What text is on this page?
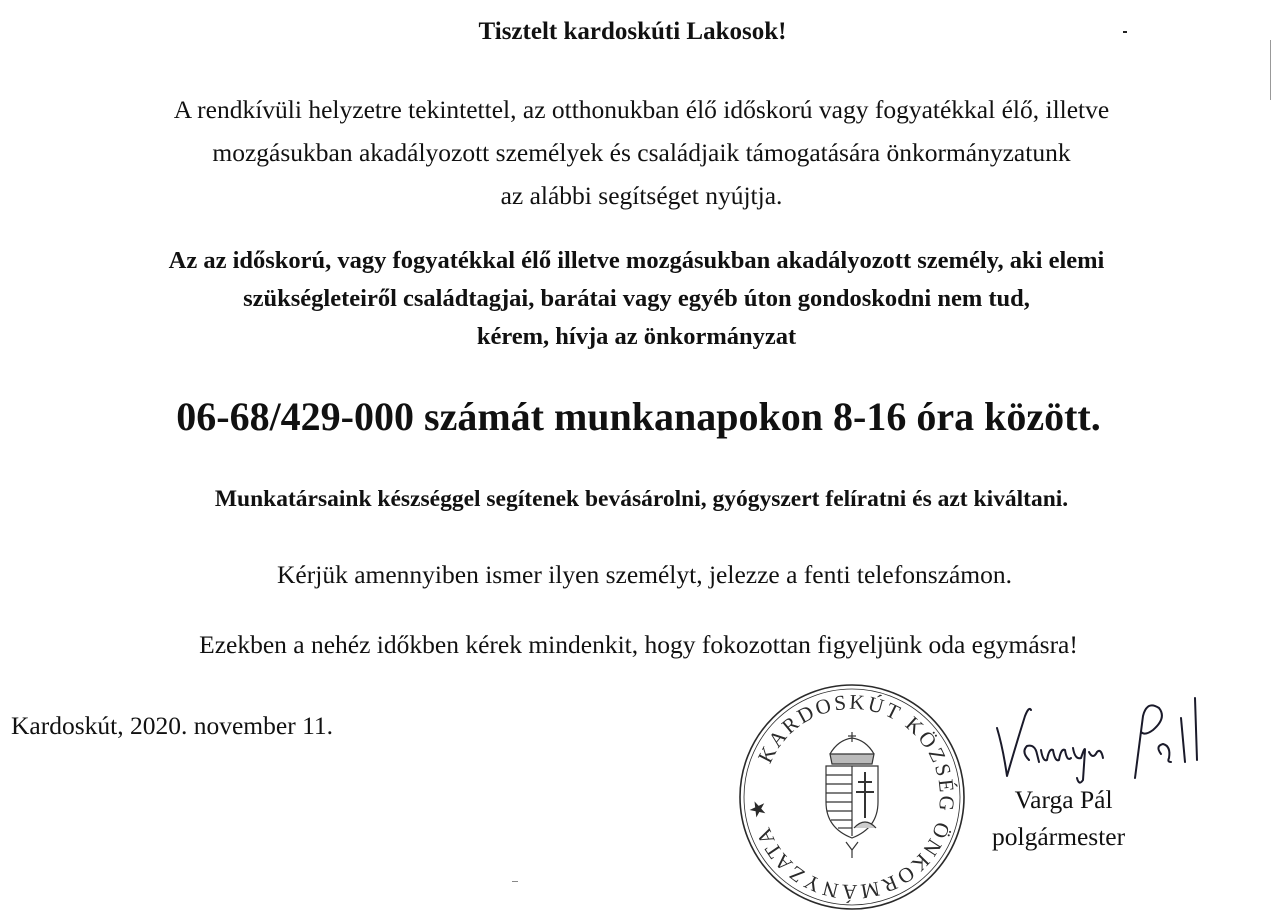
Tisztelt kardoskúti Lakosok!

A rendkívüli helyzetre tekintettel, az otthonukban élő időskorú vagy fogyatékkal élő, illetve
mozgásukban akadályozott személyek és családjaik támogatására önkormányzatunk
az alábbi segítséget nyújtja.
Az az időskorú, vagy fogyatékkal élő illetve mozgásukban akadályozott személy, aki elemi
szükségleteiről családtagjai, barátai vagy egyéb úton gondoskodni nem tud,
kérem, hívja az önkormányzat

06-68/429-000 számát munkanapokon 8-16 óra között.

Munkatársaink készséggel segítenek bevásárolni, gyógyszert felíratni és azt kiváltani.

Kérjük amennyiben ismer ilyen személyt, jelezze a fenti telefonszámon.

Ezekben a nehéz időkben kérek mindenkit, hogy fokozottan figyeljünk oda egymásra!

Kardoskút, 2020. november 11.
KARDOSKÚT KÖZSÉG ÖNKORMÁNYZATA ★	Varga Pál
polgármester
